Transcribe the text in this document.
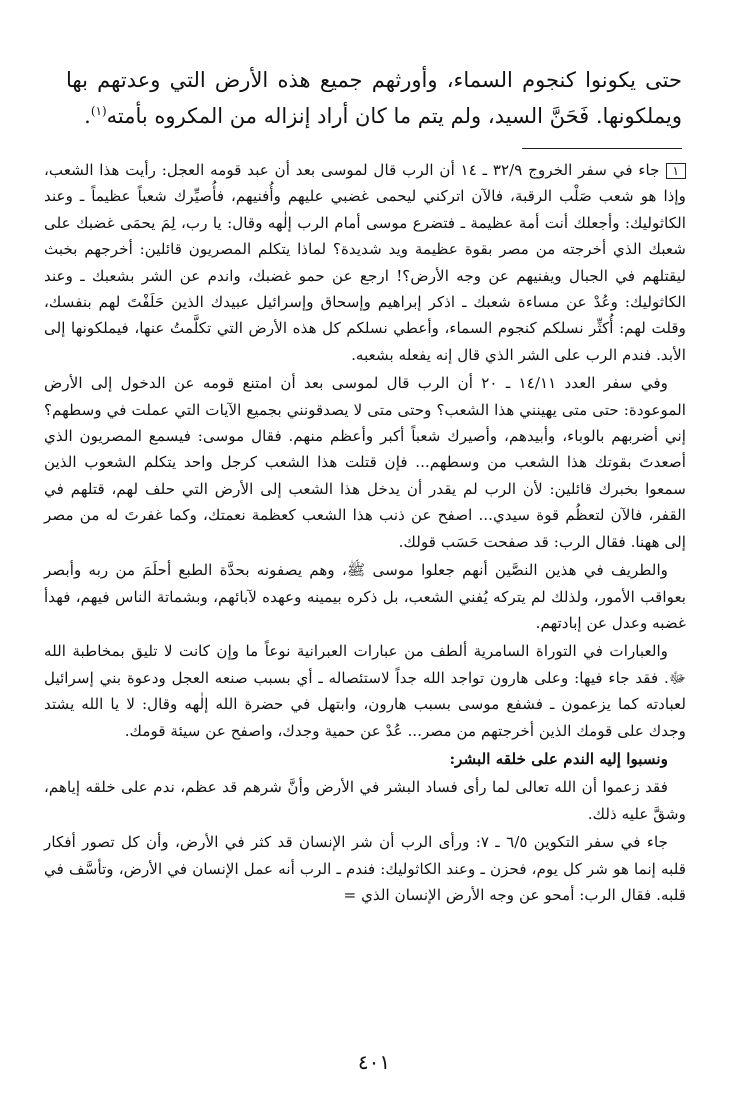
حتى يكونوا كنجوم السماء، وأورثهم جميع هذه الأرض التي وعدتهم بها ويملكونها. فَحَنَّ السيد، ولم يتم ما كان أراد إنزاله من المكروه بأمته$^{(١)}$.

١جاء في سفر الخروج ٣٢/٩ ـ ١٤ أن الرب قال لموسى بعد أن عبد قومه العجل: رأيت هذا الشعب، وإذا هو شعب صَلْب الرقبة، فالآن اتركني ليحمى غضبي عليهم وأُفنيهم، فأُصيِّرك شعباً عظيماً ـ وعند الكاثوليك: وأجعلك أنت أمة عظيمة ـ فتضرع موسى أمام الرب إلٰهه وقال: يا رب، لِمَ يحمَى غضبك على شعبك الذي أخرجته من مصر بقوة عظيمة ويد شديدة؟ لماذا يتكلم المصريون قائلين: أخرجهم بخبث ليقتلهم في الجبال ويفنيهم عن وجه الأرض؟! ارجع عن حمو غضبك، واندم عن الشر بشعبك ـ وعند الكاثوليك: وعُدْ عن مساءة شعبك ـ اذكر إبراهيم وإسحاق وإسرائيل عبيدك الذين حَلَفْتَ لهم بنفسك، وقلت لهم: أُكثِّر نسلكم كنجوم السماء، وأعطي نسلكم كل هذه الأرض التي تكلَّمتُ عنها، فيملكونها إلى الأبد. فندم الرب على الشر الذي قال إنه يفعله بشعبه.

وفي سفر العدد ١٤/١١ ـ ٢٠ أن الرب قال لموسى بعد أن امتنع قومه عن الدخول إلى الأرض الموعودة: حتى متى يهينني هذا الشعب؟ وحتى متى لا يصدقونني بجميع الآيات التي عملت في وسطهم؟ إني أضربهم بالوباء، وأبيدهم، وأصيرك شعباً أكبر وأعظم منهم. فقال موسى: فيسمع المصريون الذي أصعدتَ بقوتك هذا الشعب من وسطهم... فإن قتلت هذا الشعب كرجل واحد يتكلم الشعوب الذين سمعوا بخبرك قائلين: لأن الرب لم يقدر أن يدخل هذا الشعب إلى الأرض التي حلف لهم، قتلهم في القفر، فالآن لتعظُم قوة سيدي... اصفح عن ذنب هذا الشعب كعظمة نعمتك، وكما غفرتَ له من مصر إلى ههنا. فقال الرب: قد صفحت حَسَب قولك.

والطريف في هذين النصَّين أنهم جعلوا موسى ﷺ، وهم يصفونه بحدَّة الطبع أحلَمَ من ربه وأبصر بعواقب الأمور، ولذلك لم يتركه يُفني الشعب، بل ذكره بيمينه وعهده لآبائهم، وبشماتة الناس فيهم، فهدأ غضبه وعدل عن إبادتهم.

والعبارات في التوراة السامرية ألطف من عبارات العبرانية نوعاً ما وإن كانت لا تليق بمخاطبة الله ﷻ. فقد جاء فيها: وعلى هارون تواجد الله جداً لاستئصاله ـ أي بسبب صنعه العجل ودعوة بني إسرائيل لعبادته كما يزعمون ـ فشفع موسى بسبب هارون، وابتهل في حضرة الله إلٰهه وقال: لا يا الله يشتد وجدك على قومك الذين أخرجتهم من مصر... عُدْ عن حمية وجدك، واصفح عن سيئة قومك.

ونسبوا إليه الندم على خلقه البشر:

فقد زعموا أن الله تعالى لما رأى فساد البشر في الأرض وأنَّ شرهم قد عظم، ندم على خلقه إياهم، وشقَّ عليه ذلك.

جاء في سفر التكوين ٦/٥ ـ ٧: ورأى الرب أن شر الإنسان قد كثر في الأرض، وأن كل تصور أفكار قلبه إنما هو شر كل يوم، فحزن ـ وعند الكاثوليك: فندم ـ الرب أنه عمل الإنسان في الأرض، وتأسَّف في قلبه. فقال الرب: أمحو عن وجه الأرض الإنسان الذي =

٤٠١
